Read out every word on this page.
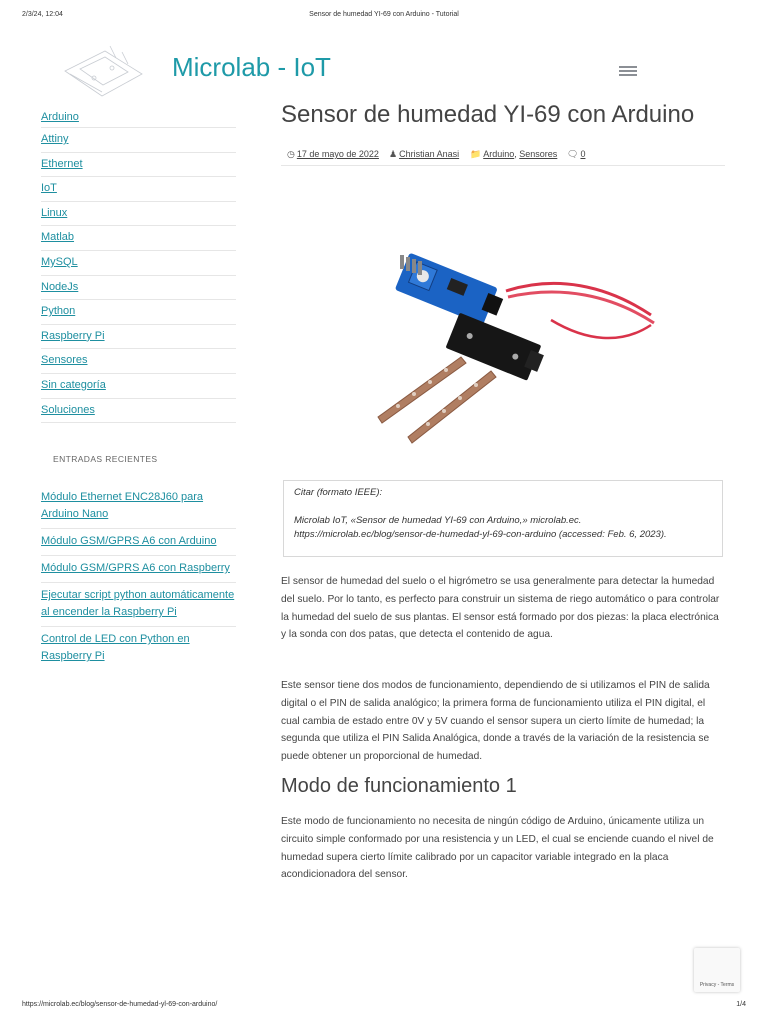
2/3/24, 12:04	Sensor de humedad YI-69 con Arduino - Tutorial
Microlab - IoT
Arduino
Attiny
Ethernet
IoT
Linux
Matlab
MySQL
NodeJs
Python
Raspberry Pi
Sensores
Sin categoría
Soluciones
ENTRADAS RECIENTES
Módulo Ethernet ENC28J60 para Arduino Nano
Módulo GSM/GPRS A6 con Arduino
Módulo GSM/GPRS A6 con Raspberry
Ejecutar script python automáticamente al encender la Raspberry Pi
Control de LED con Python en Raspberry Pi
Sensor de humedad YI-69 con Arduino
◷ 17 de mayo de 2022 ♟ Christian Anasi 📁 Arduino, Sensores 🗨 0
Citar (formato IEEE):
Microlab IoT, «Sensor de humedad YI-69 con Arduino,» microlab.ec. https://microlab.ec/blog/sensor-de-humedad-yl-69-con-arduino (accessed: Feb. 6, 2023).

El sensor de humedad del suelo o el higrómetro se usa generalmente para detectar la humedad del suelo. Por lo tanto, es perfecto para construir un sistema de riego automático o para controlar la humedad del suelo de sus plantas. El sensor está formado por dos piezas: la placa electrónica y la sonda con dos patas, que detecta el contenido de agua.

Este sensor tiene dos modos de funcionamiento, dependiendo de si utilizamos el PIN de salida digital o el PIN de salida analógico; la primera forma de funcionamiento utiliza el PIN digital, el cual cambia de estado entre 0V y 5V cuando el sensor supera un cierto límite de humedad; la segunda que utiliza el PIN Salida Analógica, donde a través de la variación de la resistencia se puede obtener un proporcional de humedad.

Modo de funcionamiento 1

Este modo de funcionamiento no necesita de ningún código de Arduino, únicamente utiliza un circuito simple conformado por una resistencia y un LED, el cual se enciende cuando el nivel de humedad supera cierto límite calibrado por un capacitor variable integrado en la placa acondicionadora del sensor.

Privacy - Terms
https://microlab.ec/blog/sensor-de-humedad-yl-69-con-arduino/	1/4
